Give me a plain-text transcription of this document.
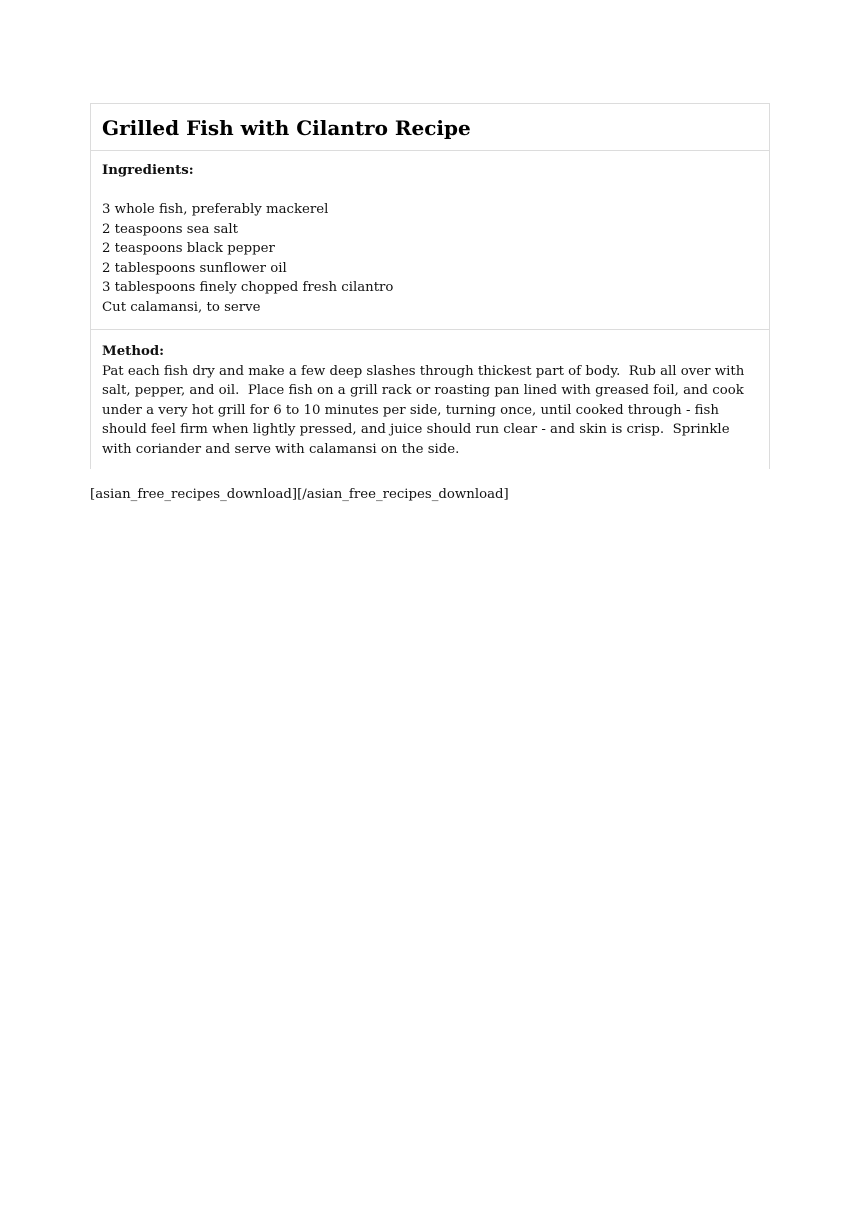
Grilled Fish with Cilantro Recipe
Ingredients:
3 whole fish, preferably mackerel
2 teaspoons sea salt
2 teaspoons black pepper
2 tablespoons sunflower oil
3 tablespoons finely chopped fresh cilantro
Cut calamansi, to serve
Method:
Pat each fish dry and make a few deep slashes through thickest part of body.  Rub all over with salt, pepper, and oil.  Place fish on a grill rack or roasting pan lined with greased foil, and cook under a very hot grill for 6 to 10 minutes per side, turning once, until cooked through - fish should feel firm when lightly pressed, and juice should run clear - and skin is crisp.  Sprinkle with coriander and serve with calamansi on the side.
[asian_free_recipes_download][/asian_free_recipes_download]
